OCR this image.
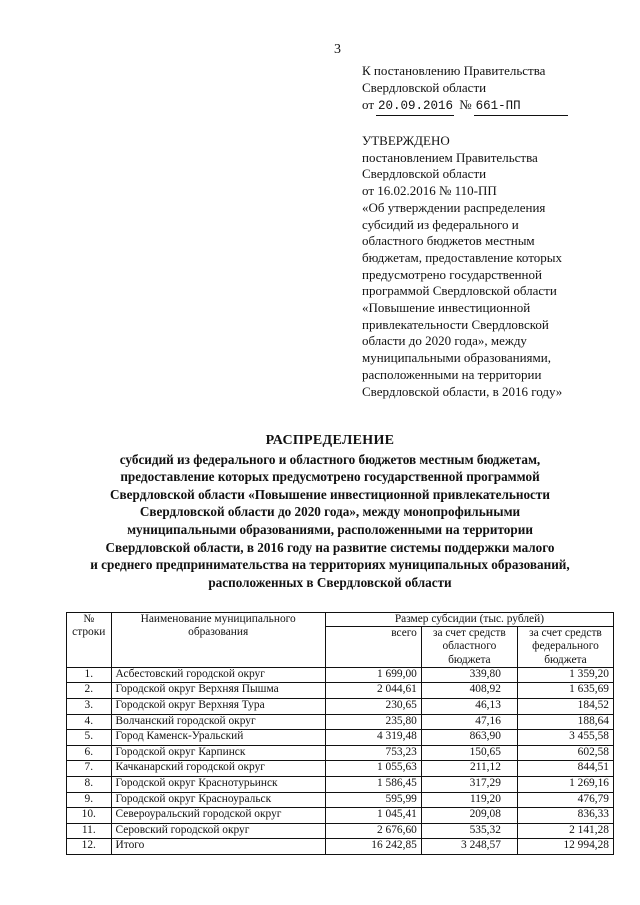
3
К постановлению Правительства
Свердловской области
от 20.09.2016 № 661-ПП
УТВЕРЖДЕНО
постановлением Правительства
Свердловской области
от 16.02.2016 № 110-ПП
«Об утверждении распределения
субсидий из федерального и
областного бюджетов местным
бюджетам, предоставление которых
предусмотрено государственной
программой Свердловской области
«Повышение инвестиционной
привлекательности Свердловской
области до 2020 года», между
муниципальными образованиями,
расположенными на территории
Свердловской области, в 2016 году»
РАСПРЕДЕЛЕНИЕ
субсидий из федерального и областного бюджетов местным бюджетам,
предоставление которых предусмотрено государственной программой
Свердловской области «Повышение инвестиционной привлекательности
Свердловской области до 2020 года», между монопрофильными
муниципальными образованиями, расположенными на территории
Свердловской области, в 2016 году на развитие системы поддержки малого
и среднего предпринимательства на территориях муниципальных образований,
расположенных в Свердловской области
№
строки	Наименование муниципального образования	Размер субсидии (тыс. рублей)		
		всего	за счет средств областного бюджета	за счет средств федерального бюджета
1.	Асбестовский городской округ	1 699,00	339,80	1 359,20
2.	Городской округ Верхняя Пышма	2 044,61	408,92	1 635,69
3.	Городской округ Верхняя Тура	230,65	46,13	184,52
4.	Волчанский городской округ	235,80	47,16	188,64
5.	Город Каменск-Уральский	4 319,48	863,90	3 455,58
6.	Городской округ Карпинск	753,23	150,65	602,58
7.	Качканарский городской округ	1 055,63	211,12	844,51
8.	Городской округ Краснотурьинск	1 586,45	317,29	1 269,16
9.	Городской округ Красноуральск	595,99	119,20	476,79
10.	Североуральский городской округ	1 045,41	209,08	836,33
11.	Серовский городской округ	2 676,60	535,32	2 141,28
12.	Итого	16 242,85	3 248,57	12 994,28
